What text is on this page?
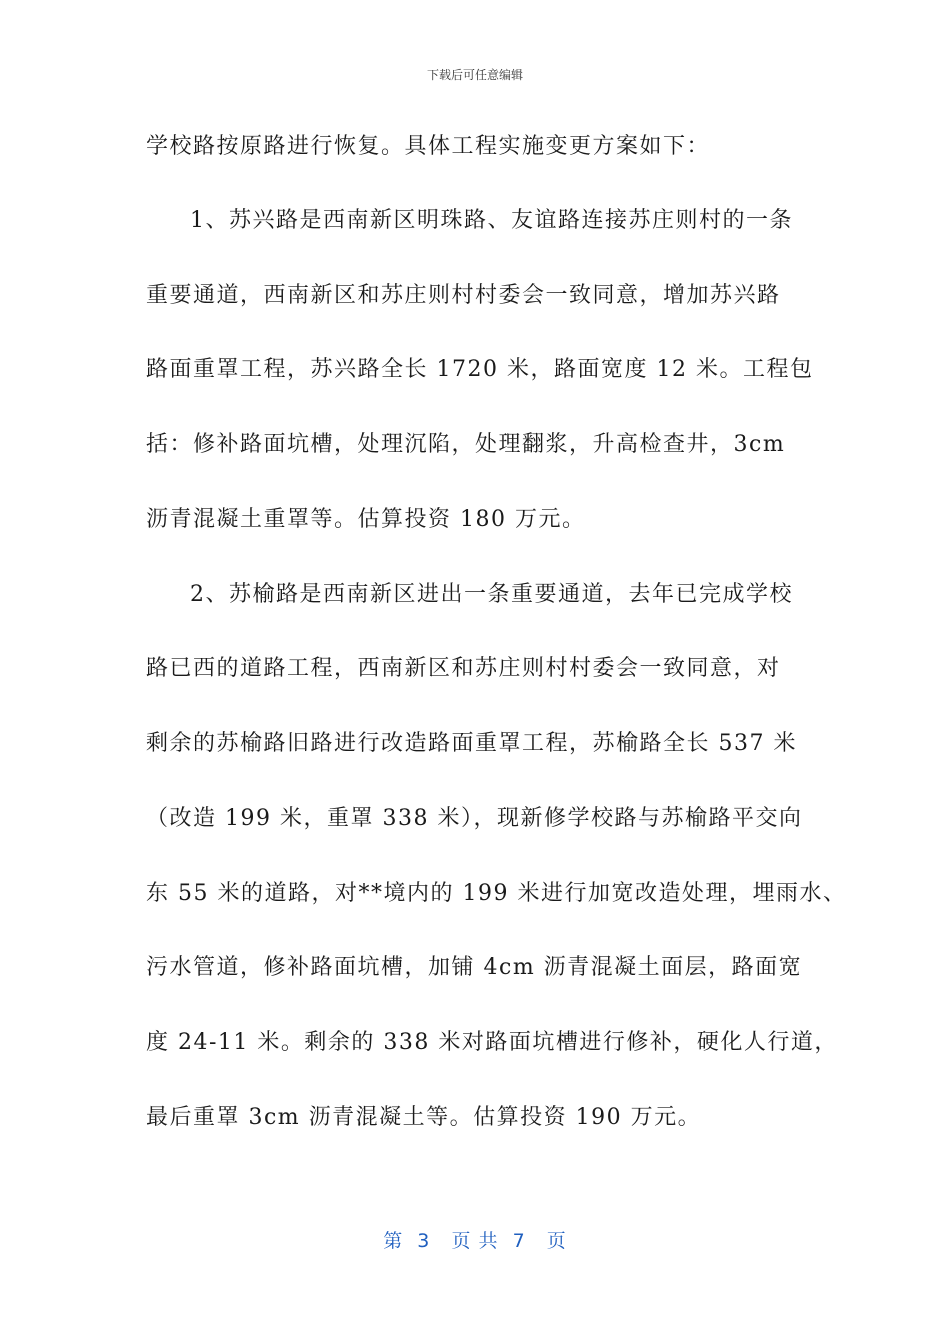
下载后可任意编辑
学校路按原路进行恢复。具体工程实施变更方案如下：
1、苏兴路是西南新区明珠路、友谊路连接苏庄则村的一条
重要通道，西南新区和苏庄则村村委会一致同意，增加苏兴路
路面重罩工程，苏兴路全长 1720 米，路面宽度 12 米。工程包
括：修补路面坑槽，处理沉陷，处理翻浆，升高检查井，3cm
沥青混凝土重罩等。估算投资 180 万元。
2、苏榆路是西南新区进出一条重要通道，去年已完成学校
路已西的道路工程，西南新区和苏庄则村村委会一致同意，对
剩余的苏榆路旧路进行改造路面重罩工程，苏榆路全长 537 米
（改造 199 米，重罩 338 米），现新修学校路与苏榆路平交向
东 55 米的道路，对**境内的 199 米进行加宽改造处理，埋雨水、
污水管道，修补路面坑槽，加铺 4cm 沥青混凝土面层，路面宽
度 24-11 米。剩余的 338 米对路面坑槽进行修补，硬化人行道，
最后重罩 3cm 沥青混凝土等。估算投资 190 万元。
第  3   页 共  7   页
